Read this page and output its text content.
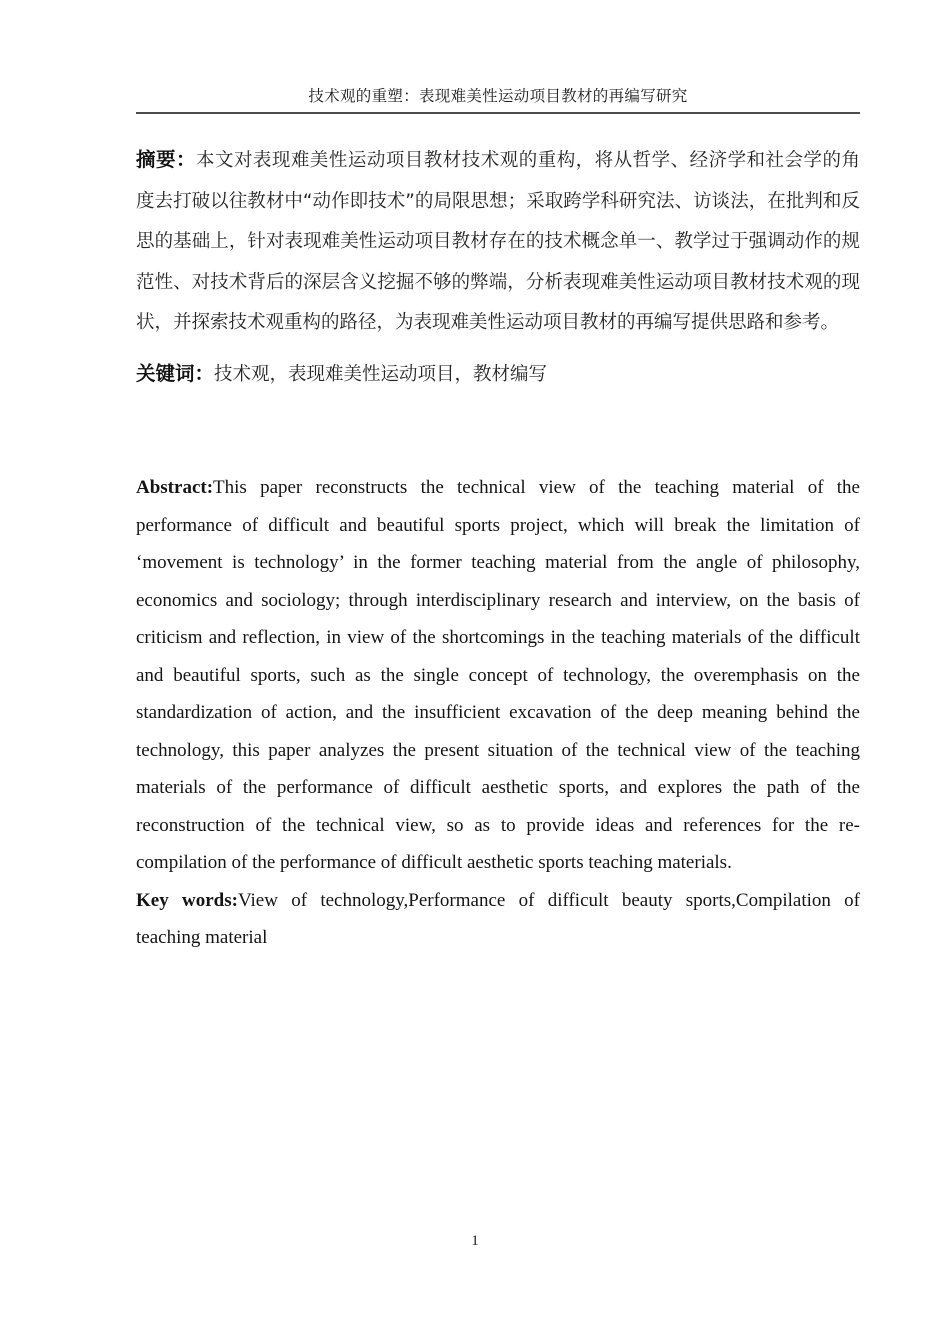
技术观的重塑：表现难美性运动项目教材的再编写研究

摘要：本文对表现难美性运动项目教材技术观的重构，将从哲学、经济学和社会学的角度去打破以往教材中“动作即技术”的局限思想；采取跨学科研究法、访谈法，在批判和反思的基础上，针对表现难美性运动项目教材存在的技术概念单一、教学过于强调动作的规范性、对技术背后的深层含义挖掘不够的弊端，分析表现难美性运动项目教材技术观的现状，并探索技术观重构的路径，为表现难美性运动项目教材的再编写提供思路和参考。

关键词：技术观，表现难美性运动项目，教材编写

Abstract:This paper reconstructs the technical view of the teaching material of the performance of difficult and beautiful sports project, which will break the limitation of ‘movement is technology’ in the former teaching material from the angle of philosophy, economics and sociology; through interdisciplinary research and interview, on the basis of criticism and reflection, in view of the shortcomings in the teaching materials of the difficult and beautiful sports, such as the single concept of technology, the overemphasis on the standardization of action, and the insufficient excavation of the deep meaning behind the technology, this paper analyzes the present situation of the technical view of the teaching materials of the performance of difficult aesthetic sports, and explores the path of the reconstruction of the technical view, so as to provide ideas and references for the re-compilation of the performance of difficult aesthetic sports teaching materials.

Key words:View of technology,Performance of difficult beauty sports,Compilation of teaching material

1
